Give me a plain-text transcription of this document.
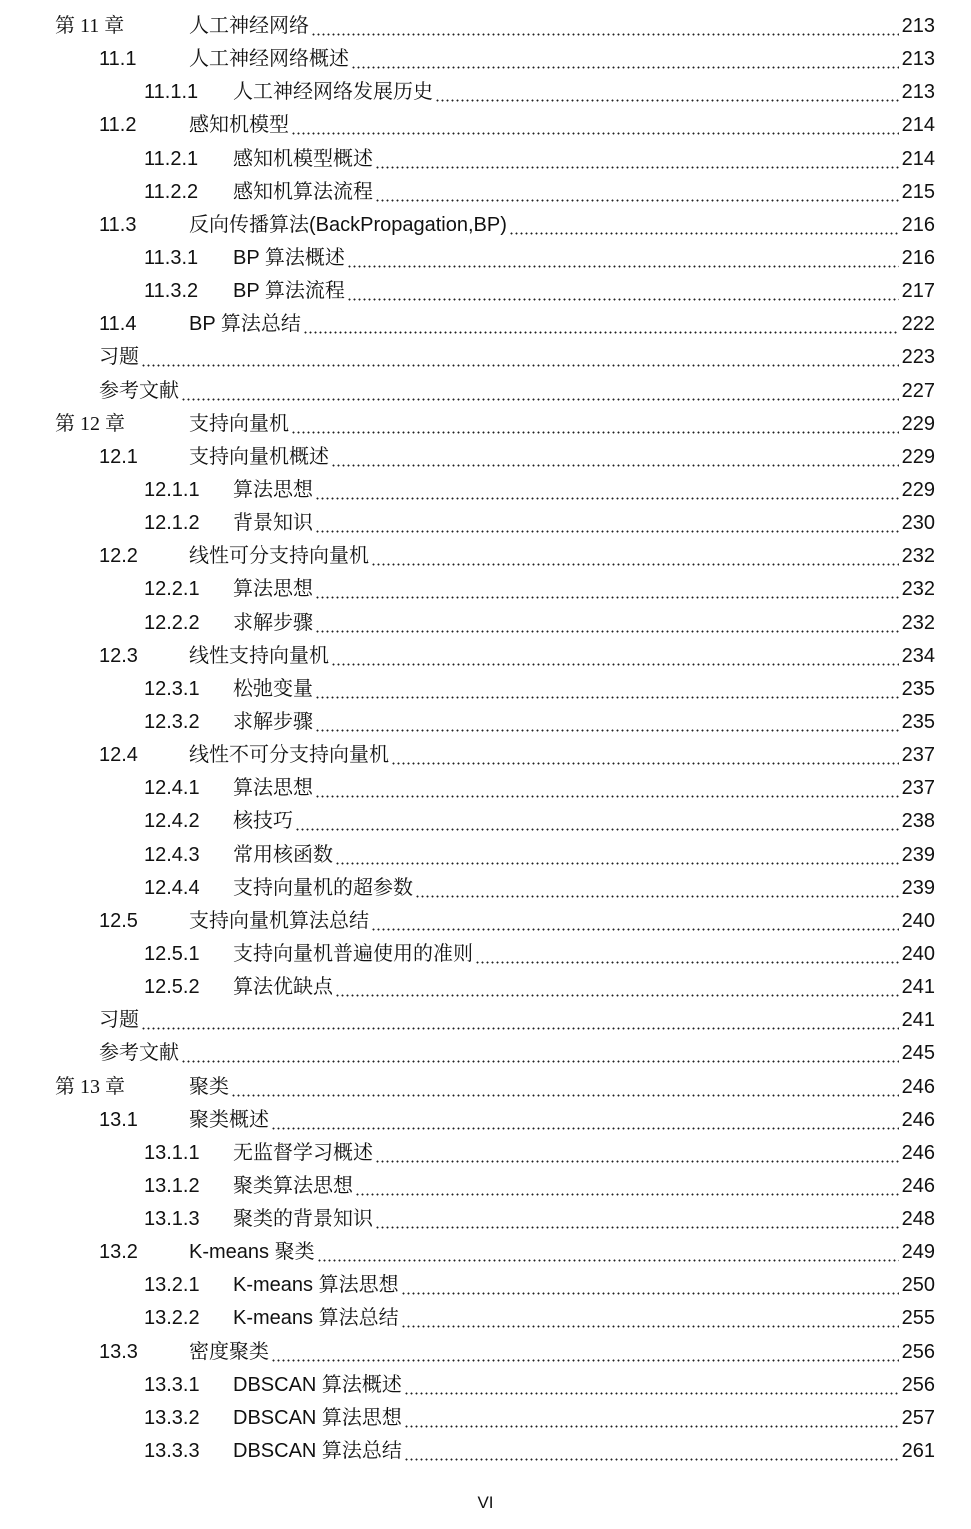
第 11 章	人工神经网络	213
11.1	人工神经网络概述	213
11.1.1 人工神经网络发展历史	213
11.2	感知机模型	214
11.2.1 感知机模型概述	214
11.2.2 感知机算法流程	215
11.3	反向传播算法(BackPropagation,BP)	216
11.3.1 BP 算法概述	216
11.3.2 BP 算法流程	217
11.4	BP 算法总结	222
习题	223
参考文献	227
第 12 章	支持向量机	229
12.1	支持向量机概述	229
12.1.1 算法思想	229
12.1.2 背景知识	230
12.2	线性可分支持向量机	232
12.2.1 算法思想	232
12.2.2 求解步骤	232
12.3	线性支持向量机	234
12.3.1 松弛变量	235
12.3.2 求解步骤	235
12.4	线性不可分支持向量机	237
12.4.1 算法思想	237
12.4.2 核技巧	238
12.4.3 常用核函数	239
12.4.4 支持向量机的超参数	239
12.5	支持向量机算法总结	240
12.5.1 支持向量机普遍使用的准则	240
12.5.2 算法优缺点	241
习题	241
参考文献	245
第 13 章	聚类	246
13.1	聚类概述	246
13.1.1 无监督学习概述	246
13.1.2 聚类算法思想	246
13.1.3 聚类的背景知识	248
13.2	K-means 聚类	249
13.2.1 K-means 算法思想	250
13.2.2 K-means 算法总结	255
13.3	密度聚类	256
13.3.1 DBSCAN 算法概述	256
13.3.2 DBSCAN 算法思想	257
13.3.3 DBSCAN 算法总结	261
VI
